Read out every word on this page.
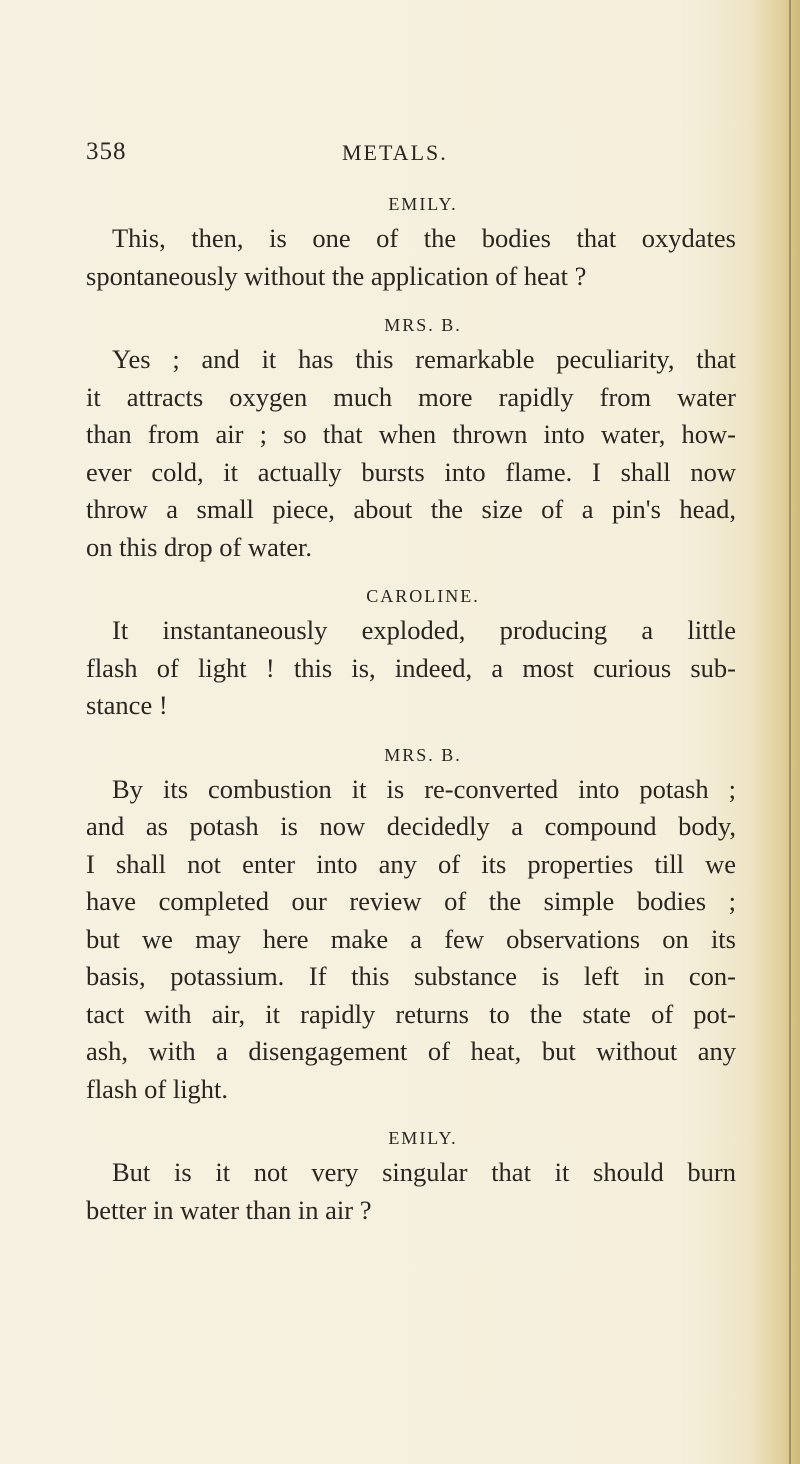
358	METALS.
EMILY.
This, then, is one of the bodies that oxydates
spontaneously without the application of heat ?
MRS. B.
Yes ; and it has this remarkable peculiarity, that
it attracts oxygen much more rapidly from water
than from air ; so that when thrown into water, how-
ever cold, it actually bursts into flame. I shall now
throw a small piece, about the size of a pin's head,
on this drop of water.
CAROLINE.
It instantaneously exploded, producing a little
flash of light ! this is, indeed, a most curious sub-
stance !
MRS. B.
By its combustion it is re-converted into potash ;
and as potash is now decidedly a compound body,
I shall not enter into any of its properties till we
have completed our review of the simple bodies ;
but we may here make a few observations on its
basis, potassium. If this substance is left in con-
tact with air, it rapidly returns to the state of pot-
ash, with a disengagement of heat, but without any
flash of light.
EMILY.
But is it not very singular that it should burn
better in water than in air ?
